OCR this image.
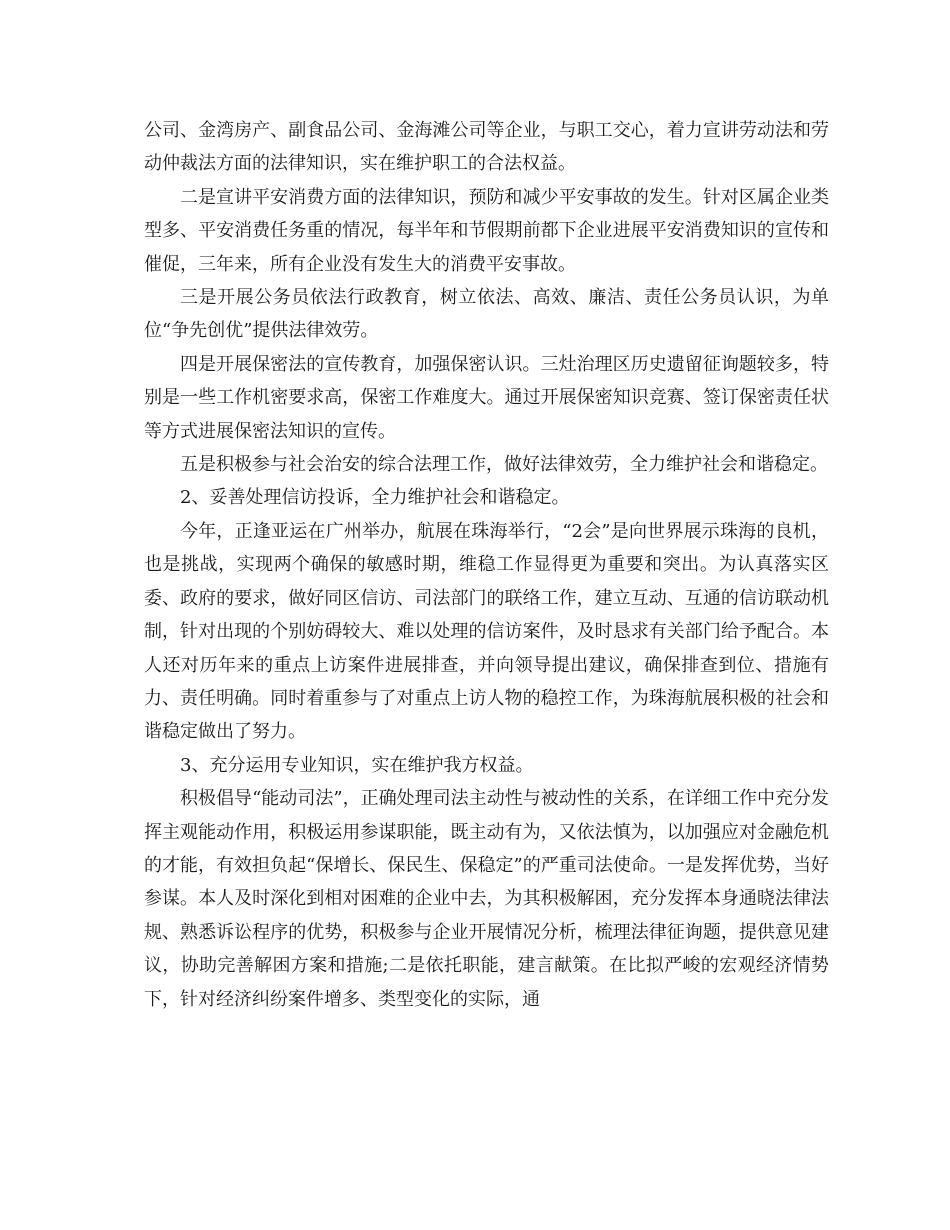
公司、金湾房产、副食品公司、金海滩公司等企业，与职工交心，着力宣讲劳动法和劳动仲裁法方面的法律知识，实在维护职工的合法权益。

二是宣讲平安消费方面的法律知识，预防和减少平安事故的发生。针对区属企业类型多、平安消费任务重的情况，每半年和节假期前都下企业进展平安消费知识的宣传和催促，三年来，所有企业没有发生大的消费平安事故。

三是开展公务员依法行政教育，树立依法、高效、廉洁、责任公务员认识，为单位“争先创优”提供法律效劳。

四是开展保密法的宣传教育，加强保密认识。三灶治理区历史遗留征询题较多，特别是一些工作机密要求高，保密工作难度大。通过开展保密知识竞赛、签订保密责任状等方式进展保密法知识的宣传。

五是积极参与社会治安的综合法理工作，做好法律效劳，全力维护社会和谐稳定。

2、妥善处理信访投诉，全力维护社会和谐稳定。

今年，正逢亚运在广州举办，航展在珠海举行，“2会”是向世界展示珠海的良机，也是挑战，实现两个确保的敏感时期，维稳工作显得更为重要和突出。为认真落实区委、政府的要求，做好同区信访、司法部门的联络工作，建立互动、互通的信访联动机制，针对出现的个别妨碍较大、难以处理的信访案件，及时恳求有关部门给予配合。本人还对历年来的重点上访案件进展排查，并向领导提出建议，确保排查到位、措施有力、责任明确。同时着重参与了对重点上访人物的稳控工作，为珠海航展积极的社会和谐稳定做出了努力。

3、充分运用专业知识，实在维护我方权益。

积极倡导“能动司法”，正确处理司法主动性与被动性的关系，在详细工作中充分发挥主观能动作用，积极运用参谋职能，既主动有为，又依法慎为，以加强应对金融危机的才能，有效担负起“保增长、保民生、保稳定”的严重司法使命。一是发挥优势，当好参谋。本人及时深化到相对困难的企业中去，为其积极解困，充分发挥本身通晓法律法规、熟悉诉讼程序的优势，积极参与企业开展情况分析，梳理法律征询题，提供意见建议，协助完善解困方案和措施;二是依托职能，建言献策。在比拟严峻的宏观经济情势下，针对经济纠纷案件增多、类型变化的实际，通
